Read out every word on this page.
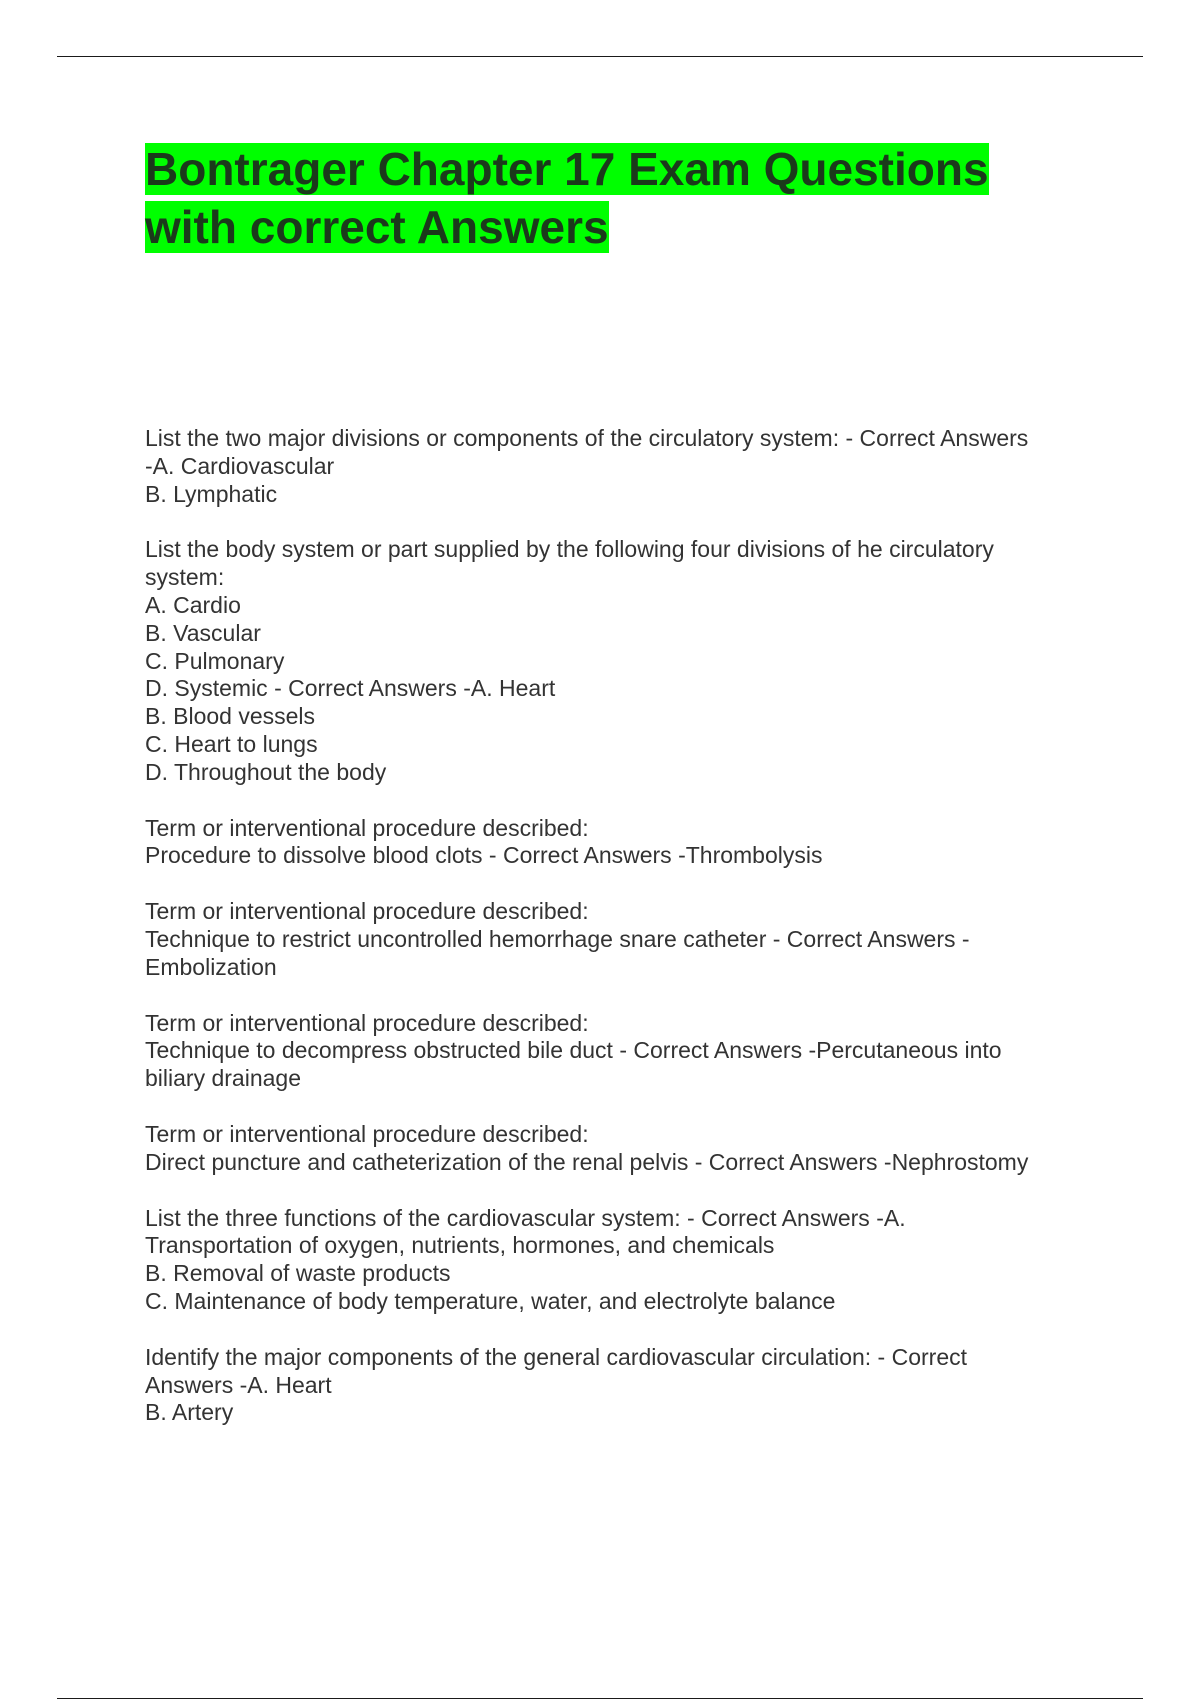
Bontrager Chapter 17 Exam Questions
with correct Answers
List the two major divisions or components of the circulatory system: - Correct Answers
-A. Cardiovascular
B. Lymphatic
List the body system or part supplied by the following four divisions of he circulatory
system:
A. Cardio
B. Vascular
C. Pulmonary
D. Systemic - Correct Answers -A. Heart
B. Blood vessels
C. Heart to lungs
D. Throughout the body
Term or interventional procedure described:
Procedure to dissolve blood clots - Correct Answers -Thrombolysis
Term or interventional procedure described:
Technique to restrict uncontrolled hemorrhage snare catheter - Correct Answers -
Embolization
Term or interventional procedure described:
Technique to decompress obstructed bile duct - Correct Answers -Percutaneous into
biliary drainage
Term or interventional procedure described:
Direct puncture and catheterization of the renal pelvis - Correct Answers -Nephrostomy
List the three functions of the cardiovascular system: - Correct Answers -A.
Transportation of oxygen, nutrients, hormones, and chemicals
B. Removal of waste products
C. Maintenance of body temperature, water, and electrolyte balance
Identify the major components of the general cardiovascular circulation: - Correct
Answers -A. Heart
B. Artery
